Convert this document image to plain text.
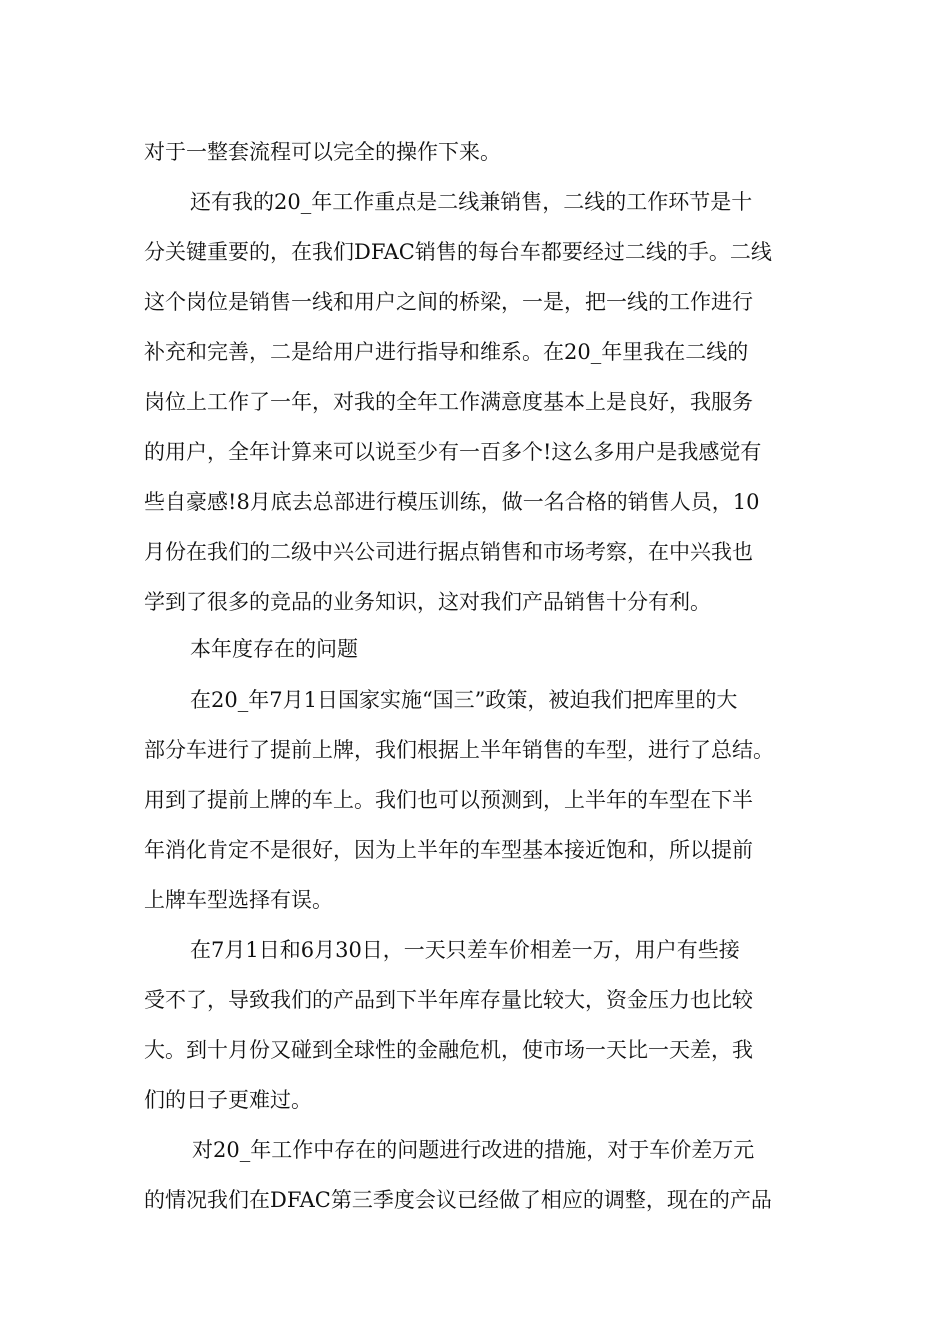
对于一整套流程可以完全的操作下来。
还有我的20_年工作重点是二线兼销售，二线的工作环节是十
分关键重要的，在我们DFAC销售的每台车都要经过二线的手。二线
这个岗位是销售一线和用户之间的桥梁，一是，把一线的工作进行
补充和完善，二是给用户进行指导和维系。在20_年里我在二线的
岗位上工作了一年，对我的全年工作满意度基本上是良好，我服务
的用户，全年计算来可以说至少有一百多个!这么多用户是我感觉有
些自豪感!8月底去总部进行模压训练，做一名合格的销售人员，10
月份在我们的二级中兴公司进行据点销售和市场考察，在中兴我也
学到了很多的竞品的业务知识，这对我们产品销售十分有利。
本年度存在的问题
在20_年7月1日国家实施“国三”政策，被迫我们把库里的大
部分车进行了提前上牌，我们根据上半年销售的车型，进行了总结。
用到了提前上牌的车上。我们也可以预测到，上半年的车型在下半
年消化肯定不是很好，因为上半年的车型基本接近饱和，所以提前
上牌车型选择有误。
在7月1日和6月30日，一天只差车价相差一万，用户有些接
受不了，导致我们的产品到下半年库存量比较大，资金压力也比较
大。到十月份又碰到全球性的金融危机，使市场一天比一天差，我
们的日子更难过。
对20_年工作中存在的问题进行改进的措施，对于车价差万元
的情况我们在DFAC第三季度会议已经做了相应的调整，现在的产品
